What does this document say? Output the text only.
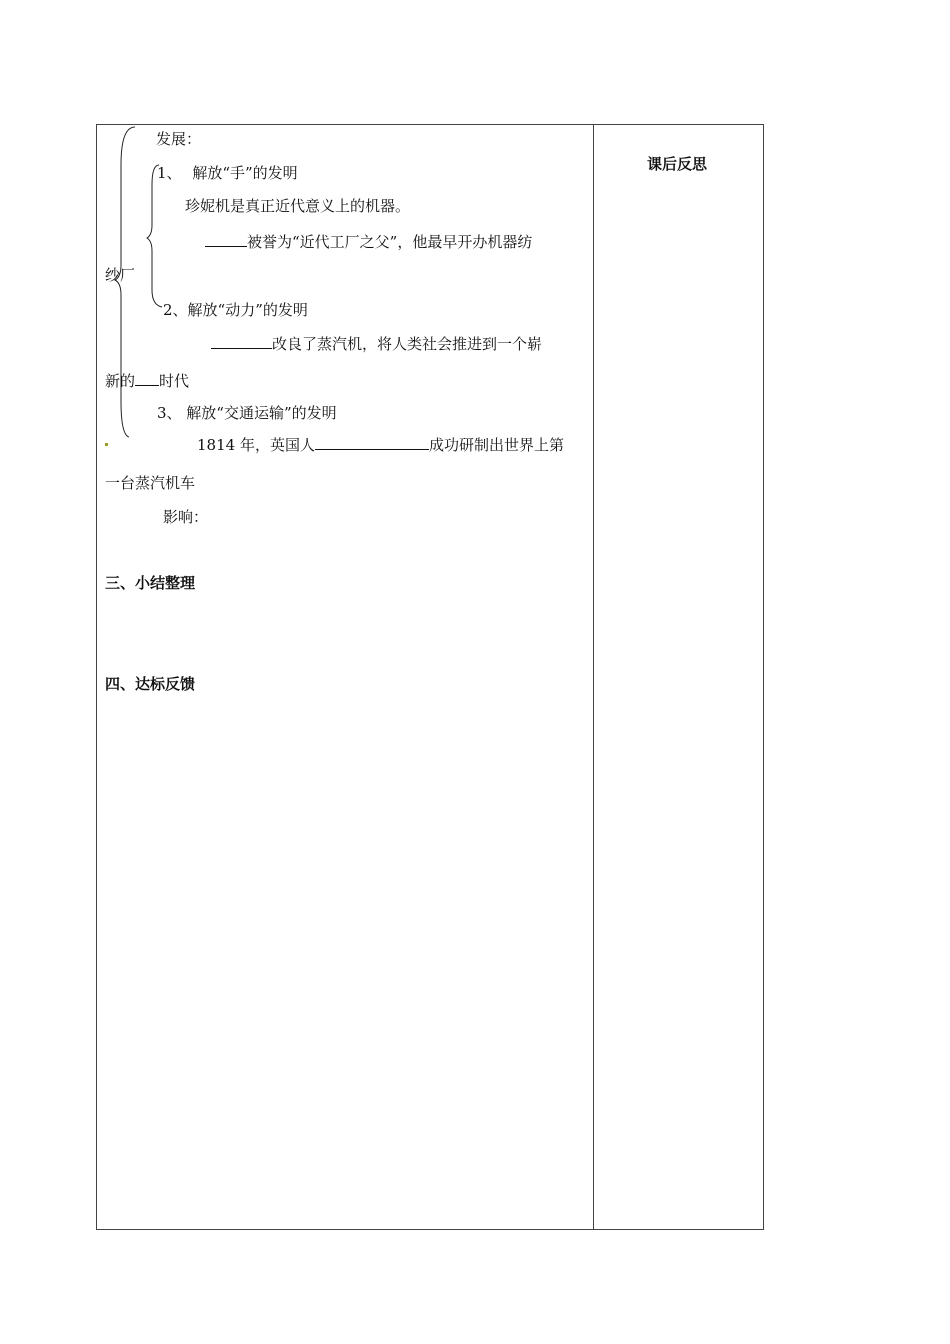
发展：
1、 解放“手”的发明
珍妮机是真正近代意义上的机器。
被誉为“近代工厂之父”，他最早开办机器纺
纱厂
2、解放“动力”的发明
改良了蒸汽机，将人类社会推进到一个崭
新的 时代
3、 解放“交通运输”的发明
1814 年，英国人	成功研制出世界上第
一台蒸汽机车
影响：
三、小结整理
四、达标反馈
课后反思
